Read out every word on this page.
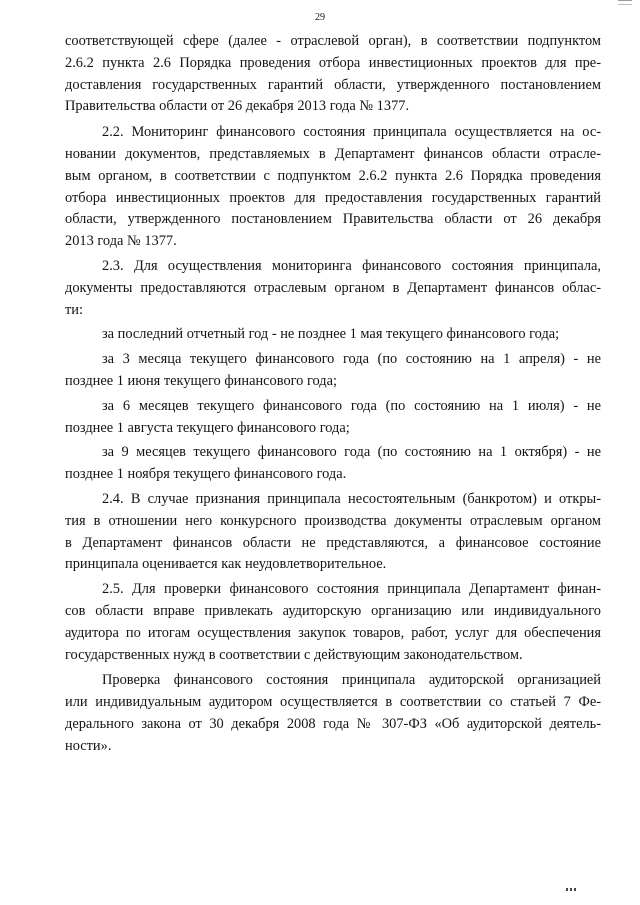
29
соответствующей сфере (далее - отраслевой орган), в соответствии подпунктом
2.6.2 пункта 2.6 Порядка проведения отбора инвестиционных проектов для пре-
доставления государственных гарантий области, утвержденного постановлением
Правительства области от 26 декабря 2013 года № 1377.
2.2. Мониторинг финансового состояния принципала осуществляется на ос-
новании документов, представляемых в Департамент финансов области отрасле-
вым органом, в соответствии с подпунктом 2.6.2 пункта 2.6 Порядка проведения
отбора инвестиционных проектов для предоставления государственных гарантий
области, утвержденного постановлением Правительства области от 26 декабря
2013 года № 1377.
2.3. Для осуществления мониторинга финансового состояния принципала,
документы предоставляются отраслевым органом в Департамент финансов облас-
ти:
за последний отчетный год - не позднее 1 мая текущего финансового года;
за 3 месяца текущего финансового года (по состоянию на 1 апреля) - не
позднее 1 июня текущего финансового года;
за 6 месяцев текущего финансового года (по состоянию на 1 июля) - не
позднее 1 августа текущего финансового года;
за 9 месяцев текущего финансового года (по состоянию на 1 октября) - не
позднее 1 ноября текущего финансового года.
2.4. В случае признания принципала несостоятельным (банкротом) и откры-
тия в отношении него конкурсного производства документы отраслевым органом
в Департамент финансов области не представляются, а финансовое состояние
принципала оценивается как неудовлетворительное.
2.5. Для проверки финансового состояния принципала Департамент финан-
сов области вправе привлекать аудиторскую организацию или индивидуального
аудитора по итогам осуществления закупок товаров, работ, услуг для обеспечения
государственных нужд в соответствии с действующим законодательством.
Проверка финансового состояния принципала аудиторской организацией
или индивидуальным аудитором осуществляется в соответствии со статьей 7 Фе-
дерального закона от 30 декабря 2008 года № 307-ФЗ «Об аудиторской деятель-
ности».
